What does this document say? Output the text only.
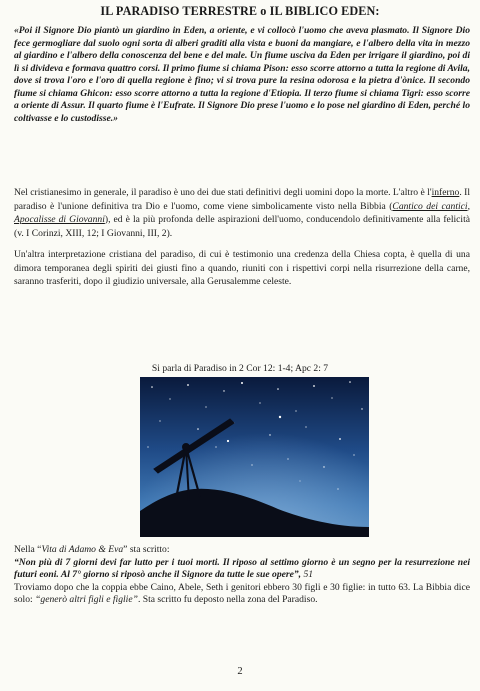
IL PARADISO TERRESTRE o IL BIBLICO EDEN:
«Poi il Signore Dio piantò un giardino in Eden, a oriente, e vi collocò l'uomo che aveva plasmato. Il Signore Dio fece germogliare dal suolo ogni sorta di alberi graditi alla vista e buoni da mangiare, e l'albero della vita in mezzo al giardino e l'albero della conoscenza del bene e del male. Un fiume usciva da Eden per irrigare il giardino, poi di lì si divideva e formava quattro corsi. Il primo fiume si chiama Pison: esso scorre attorno a tutta la regione di Avila, dove si trova l'oro e l'oro di quella regione è fino; vi si trova pure la resina odorosa e la pietra d'ònice. Il secondo fiume si chiama Ghicon: esso scorre attorno a tutta la regione d'Etiopia. Il terzo fiume si chiama Tigri: esso scorre a oriente di Assur. Il quarto fiume è l'Eufrate. Il Signore Dio prese l'uomo e lo pose nel giardino di Eden, perché lo coltivasse e lo custodisse.»
Nel cristianesimo in generale, il paradiso è uno dei due stati definitivi degli uomini dopo la morte. L'altro è l'inferno. Il paradiso è l'unione definitiva tra Dio e l'uomo, come viene simbolicamente visto nella Bibbia (Cantico dei cantici, Apocalisse di Giovanni), ed è la più profonda delle aspirazioni dell'uomo, conducendolo definitivamente alla felicità (v. I Corinzi, XIII, 12; I Giovanni, III, 2).
Un'altra interpretazione cristiana del paradiso, di cui è testimonio una credenza della Chiesa copta, è quella di una dimora temporanea degli spiriti dei giusti fino a quando, riuniti con i rispettivi corpi nella risurrezione della carne, saranno trasferiti, dopo il giudizio universale, alla Gerusalemme celeste.
Si parla di Paradiso in 2 Cor 12: 1-4; Apc 2: 7
Nella “Vita di Adamo & Eva” sta scritto:
“Non più di 7 giorni devi far lutto per i tuoi morti. Il riposo al settimo giorno è un segno per la resurrezione nei futuri eoni. Al 7° giorno si riposò anche il Signore da tutte le sue opere”, 51
Troviamo dopo che la coppia ebbe Caino, Abele, Seth i genitori ebbero 30 figli e 30 figlie: in tutto 63. La Bibbia dice solo: “generò altri figli e figlie”. Sta scritto fu deposto nella zona del Paradiso.
2
